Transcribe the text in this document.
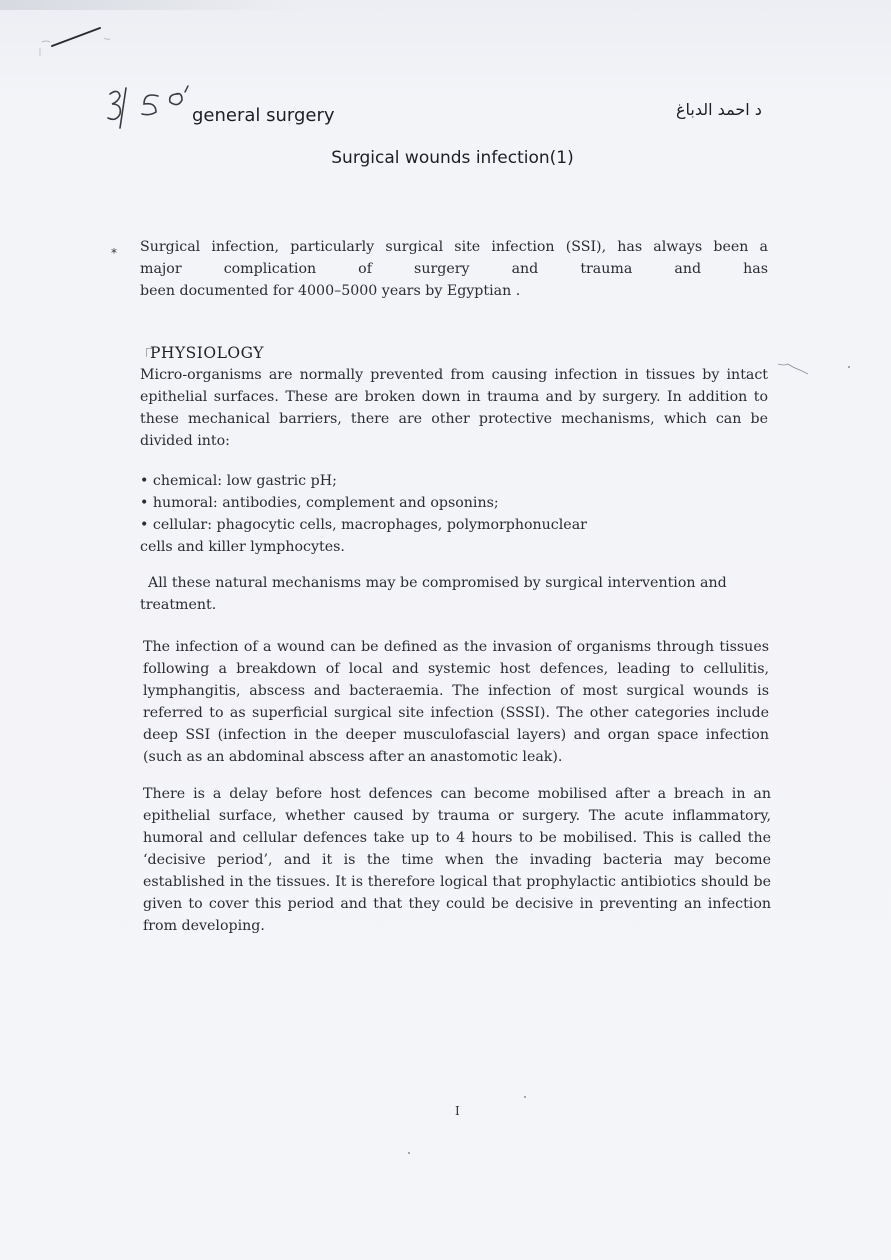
general surgery	د احمد الدباغ
Surgical wounds infection(1)
* Surgical infection, particularly surgical site infection (SSI), has always been a
major complication of surgery and trauma and has
been documented for 4000–5000 years by Egyptian .
PHYSIOLOGY
Micro-organisms are normally prevented from causing infection in tissues by intact epithelial surfaces. These are broken down in trauma and by surgery. In addition to these mechanical barriers, there are other protective mechanisms, which can be divided into:
• chemical: low gastric pH;
• humoral: antibodies, complement and opsonins;
• cellular: phagocytic cells, macrophages, polymorphonuclear
cells and killer lymphocytes.
All these natural mechanisms may be compromised by surgical intervention and treatment.
The infection of a wound can be defined as the invasion of organisms through tissues following a breakdown of local and systemic host defences, leading to cellulitis, lymphangitis, abscess and bacteraemia. The infection of most surgical wounds is referred to as superficial surgical site infection (SSSI). The other categories include deep SSI (infection in the deeper musculofascial layers) and organ space infection (such as an abdominal abscess after an anastomotic leak).
There is a delay before host defences can become mobilised after a breach in an epithelial surface, whether caused by trauma or surgery. The acute inflammatory, humoral and cellular defences take up to 4 hours to be mobilised. This is called the ‘decisive period’, and it is the time when the invading bacteria may become established in the tissues. It is therefore logical that prophylactic antibiotics should be given to cover this period and that they could be decisive in preventing an infection from developing.
I
